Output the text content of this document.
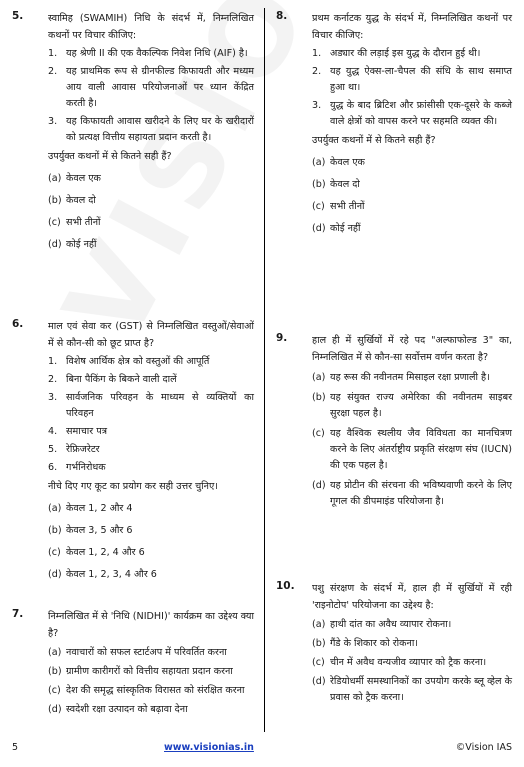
5.	स्वामिह (SWAMIH) निधि के संदर्भ में, निम्नलिखित कथनों पर विचार कीजिए:
1. यह श्रेणी II की एक वैकल्पिक निवेश निधि (AIF) है।
2. यह प्राथमिक रूप से ग्रीनफील्ड किफायती और मध्यम आय वाली आवास परियोजनाओं पर ध्यान केंद्रित करती है।
3. यह किफायती आवास खरीदने के लिए घर के खरीदारों को प्रत्यक्ष वित्तीय सहायता प्रदान करती है।
उपर्युक्त कथनों में से कितने सही हैं?
(a) केवल एक
(b) केवल दो
(c) सभी तीनों
(d) कोई नहीं
6.	माल एवं सेवा कर (GST) से निम्नलिखित वस्तुओं/सेवाओं में से कौन-सी को छूट प्राप्त है?
1. विशेष आर्थिक क्षेत्र को वस्तुओं की आपूर्ति
2. बिना पैकिंग के बिकने वाली दालें
3. सार्वजनिक परिवहन के माध्यम से व्यक्तियों का परिवहन
4. समाचार पत्र
5. रेफ्रिजरेटर
6. गर्भनिरोधक
नीचे दिए गए कूट का प्रयोग कर सही उत्तर चुनिए।
(a) केवल 1, 2 और 4
(b) केवल 3, 5 और 6
(c) केवल 1, 2, 4 और 6
(d) केवल 1, 2, 3, 4 और 6
7.	निम्नलिखित में से 'निधि (NIDHI)' कार्यक्रम का उद्देश्य क्या है?
(a) नवाचारों को सफल स्टार्टअप में परिवर्तित करना
(b) ग्रामीण कारीगरों को वित्तीय सहायता प्रदान करना
(c) देश की समृद्ध सांस्कृतिक विरासत को संरक्षित करना
(d) स्वदेशी रक्षा उत्पादन को बढ़ावा देना
8.	प्रथम कर्नाटक युद्ध के संदर्भ में, निम्नलिखित कथनों पर विचार कीजिए:
1. अड्यार की लड़ाई इस युद्ध के दौरान हुई थी।
2. यह युद्ध ऐक्स-ला-चैपल की संधि के साथ समाप्त हुआ था।
3. युद्ध के बाद ब्रिटिश और फ्रांसीसी एक-दूसरे के कब्जे वाले क्षेत्रों को वापस करने पर सहमति व्यक्त की।
उपर्युक्त कथनों में से कितने सही हैं?
(a) केवल एक
(b) केवल दो
(c) सभी तीनों
(d) कोई नहीं
9.	हाल ही में सुर्खियों में रहे पद "अल्फाफोल्ड 3" का, निम्नलिखित में से कौन-सा सर्वोत्तम वर्णन करता है?
(a) यह रूस की नवीनतम मिसाइल रक्षा प्रणाली है।
(b) यह संयुक्त राज्य अमेरिका की नवीनतम साइबर सुरक्षा पहल है।
(c) यह वैश्विक स्थलीय जैव विविधता का मानचित्रण करने के लिए अंतर्राष्ट्रीय प्रकृति संरक्षण संघ (IUCN) की एक पहल है।
(d) यह प्रोटीन की संरचना की भविष्यवाणी करने के लिए गूगल की डीपमाइंड परियोजना है।
10. पशु संरक्षण के संदर्भ में, हाल ही में सुर्खियों में रही 'राइनोटोप' परियोजना का उद्देश्य है:
(a) हाथी दांत का अवैध व्यापार रोकना।
(b) गैंडे के शिकार को रोकना।
(c) चीन में अवैध वन्यजीव व्यापार को ट्रैक करना।
(d) रेडियोधर्मी समस्थानिकों का उपयोग करके ब्लू व्हेल के प्रवास को ट्रैक करना।
5	www.visionias.in	©Vision IAS
